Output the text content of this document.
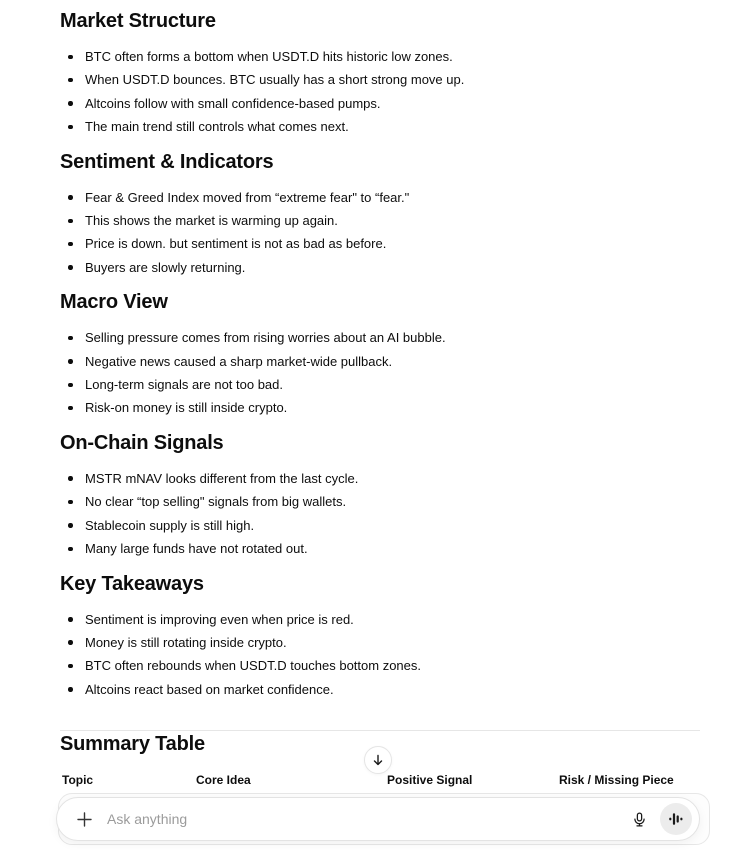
Market Structure
BTC often forms a bottom when USDT.D hits historic low zones.
When USDT.D bounces. BTC usually has a short strong move up.
Altcoins follow with small confidence-based pumps.
The main trend still controls what comes next.
Sentiment & Indicators
Fear & Greed Index moved from “extreme fear" to “fear."
This shows the market is warming up again.
Price is down. but sentiment is not as bad as before.
Buyers are slowly returning.
Macro View
Selling pressure comes from rising worries about an AI bubble.
Negative news caused a sharp market-wide pullback.
Long-term signals are not too bad.
Risk-on money is still inside crypto.
On-Chain Signals
MSTR mNAV looks different from the last cycle.
No clear “top selling" signals from big wallets.
Stablecoin supply is still high.
Many large funds have not rotated out.
Key Takeaways
Sentiment is improving even when price is red.
Money is still rotating inside crypto.
BTC often rebounds when USDT.D touches bottom zones.
Altcoins react based on market confidence.
Summary Table
Topic	Core Idea	Positive Signal	Risk / Missing Piece
Ask anything
